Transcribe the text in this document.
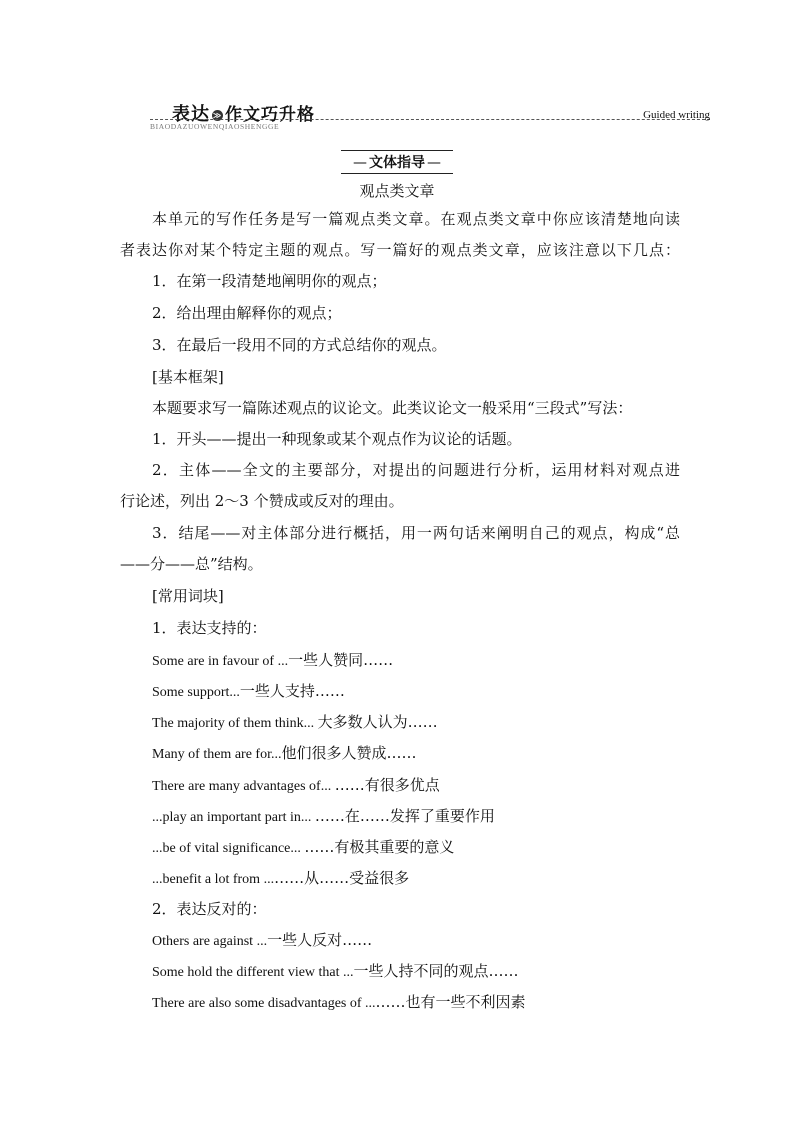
表达 ≫ 作文巧升格
BIAODAZUOWENQIAOSHENGGE
Guided writing
— 文体指导 —
观点类文章
本单元的写作任务是写一篇观点类文章。在观点类文章中你应该清楚地向读
者表达你对某个特定主题的观点。写一篇好的观点类文章，应该注意以下几点：
1．在第一段清楚地阐明你的观点；
2．给出理由解释你的观点；
3．在最后一段用不同的方式总结你的观点。
[基本框架]
本题要求写一篇陈述观点的议论文。此类议论文一般采用“三段式”写法：
1．开头——提出一种现象或某个观点作为议论的话题。
2．主体——全文的主要部分，对提出的问题进行分析，运用材料对观点进
行论述，列出 2～3 个赞成或反对的理由。
3．结尾——对主体部分进行概括，用一两句话来阐明自己的观点，构成“总
——分——总”结构。
[常用词块]
1．表达支持的：
Some are in favour of ...一些人赞同……
Some support...一些人支持……
The majority of them think... 大多数人认为……
Many of them are for...他们很多人赞成……
There are many advantages of... ……有很多优点
...play an important part in... ……在……发挥了重要作用
...be of vital significance... ……有极其重要的意义
...benefit a lot from ...……从……受益很多
2．表达反对的：
Others are against ...一些人反对……
Some hold the different view that ...一些人持不同的观点……
There are also some disadvantages of ...……也有一些不利因素
